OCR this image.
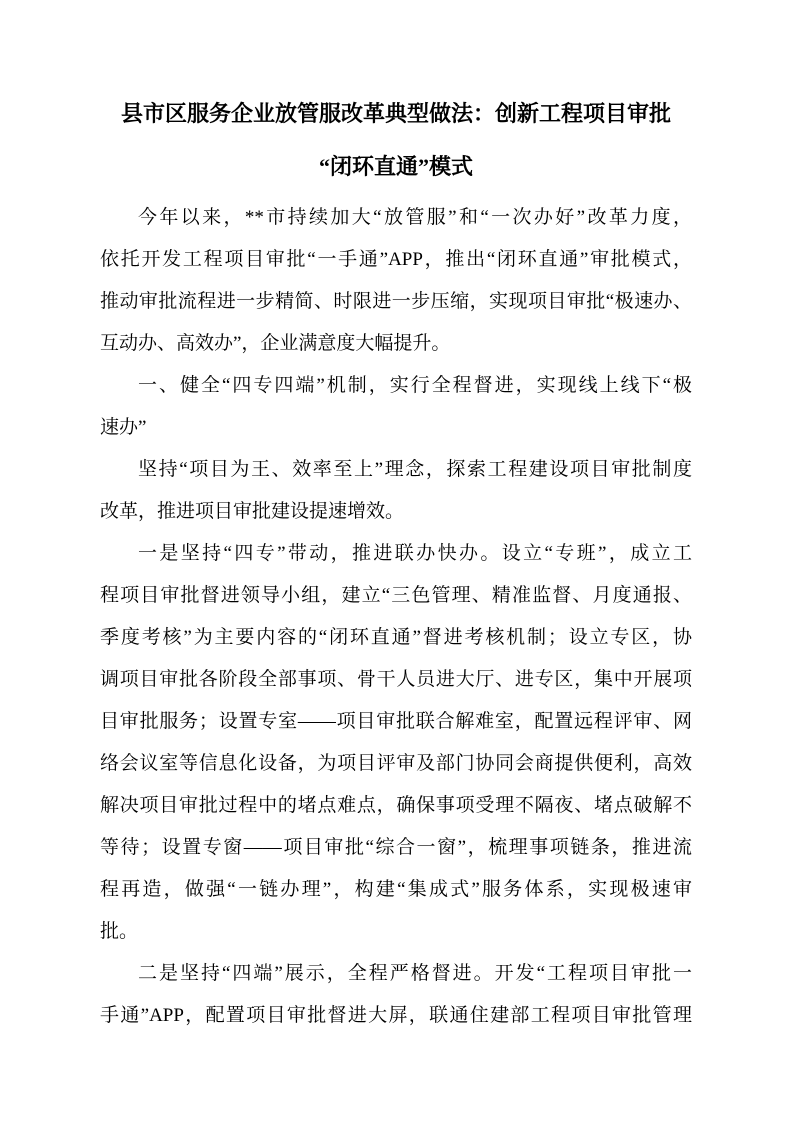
县市区服务企业放管服改革典型做法：创新工程项目审批
“闭环直通”模式
今年以来，**市持续加大“放管服”和“一次办好”改革力度，
依托开发工程项目审批“一手通”APP，推出“闭环直通”审批模式，
推动审批流程进一步精简、时限进一步压缩，实现项目审批“极速办、
互动办、高效办”，企业满意度大幅提升。
一、健全“四专四端”机制，实行全程督进，实现线上线下“极
速办”
坚持“项目为王、效率至上”理念，探索工程建设项目审批制度
改革，推进项目审批建设提速增效。
一是坚持“四专”带动，推进联办快办。设立“专班”，成立工
程项目审批督进领导小组，建立“三色管理、精准监督、月度通报、
季度考核”为主要内容的“闭环直通”督进考核机制；设立专区，协
调项目审批各阶段全部事项、骨干人员进大厅、进专区，集中开展项
目审批服务；设置专室——项目审批联合解难室，配置远程评审、网
络会议室等信息化设备，为项目评审及部门协同会商提供便利，高效
解决项目审批过程中的堵点难点，确保事项受理不隔夜、堵点破解不
等待；设置专窗——项目审批“综合一窗”，梳理事项链条，推进流
程再造，做强“一链办理”，构建“集成式”服务体系，实现极速审
批。
二是坚持“四端”展示，全程严格督进。开发“工程项目审批一
手通”APP，配置项目审批督进大屏，联通住建部工程项目审批管理
